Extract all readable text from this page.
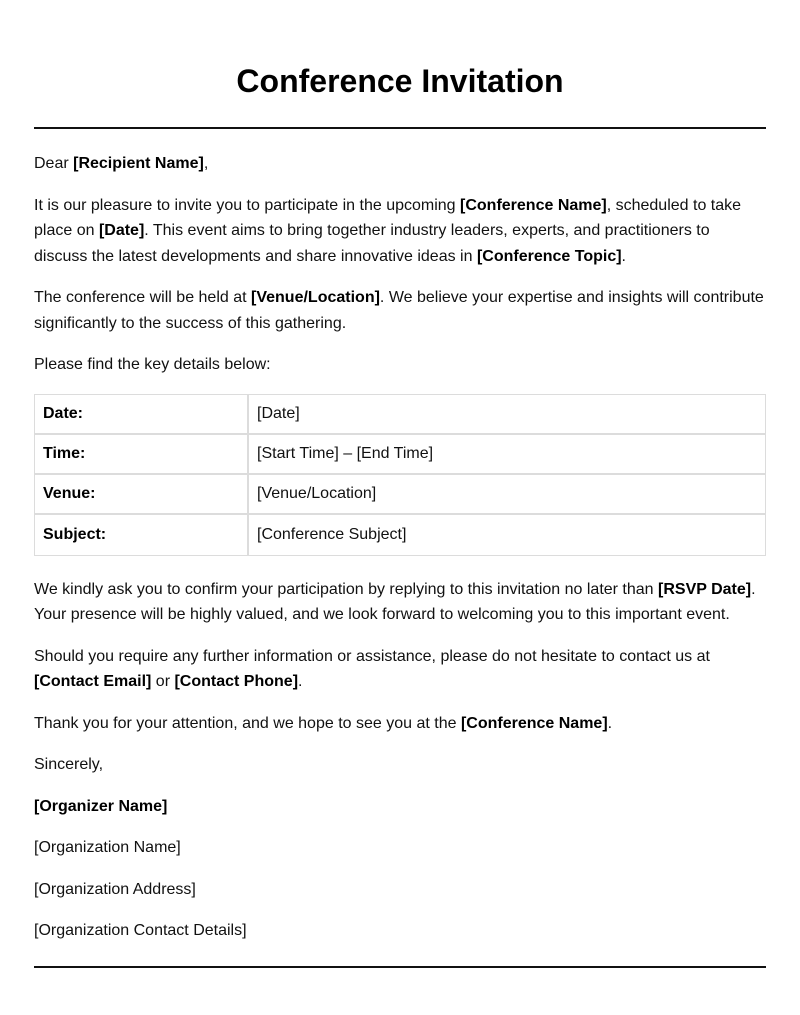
Conference Invitation

Dear [Recipient Name],

It is our pleasure to invite you to participate in the upcoming [Conference Name], scheduled to take place on [Date]. This event aims to bring together industry leaders, experts, and practitioners to discuss the latest developments and share innovative ideas in [Conference Topic].

The conference will be held at [Venue/Location]. We believe your expertise and insights will contribute significantly to the success of this gathering.

Please find the key details below:

Date:	[Date]
Time:	[Start Time] – [End Time]
Venue:	[Venue/Location]
Subject:	[Conference Subject]

We kindly ask you to confirm your participation by replying to this invitation no later than [RSVP Date]. Your presence will be highly valued, and we look forward to welcoming you to this important event.

Should you require any further information or assistance, please do not hesitate to contact us at [Contact Email] or [Contact Phone].

Thank you for your attention, and we hope to see you at the [Conference Name].

Sincerely,

[Organizer Name]

[Organization Name]

[Organization Address]

[Organization Contact Details]
